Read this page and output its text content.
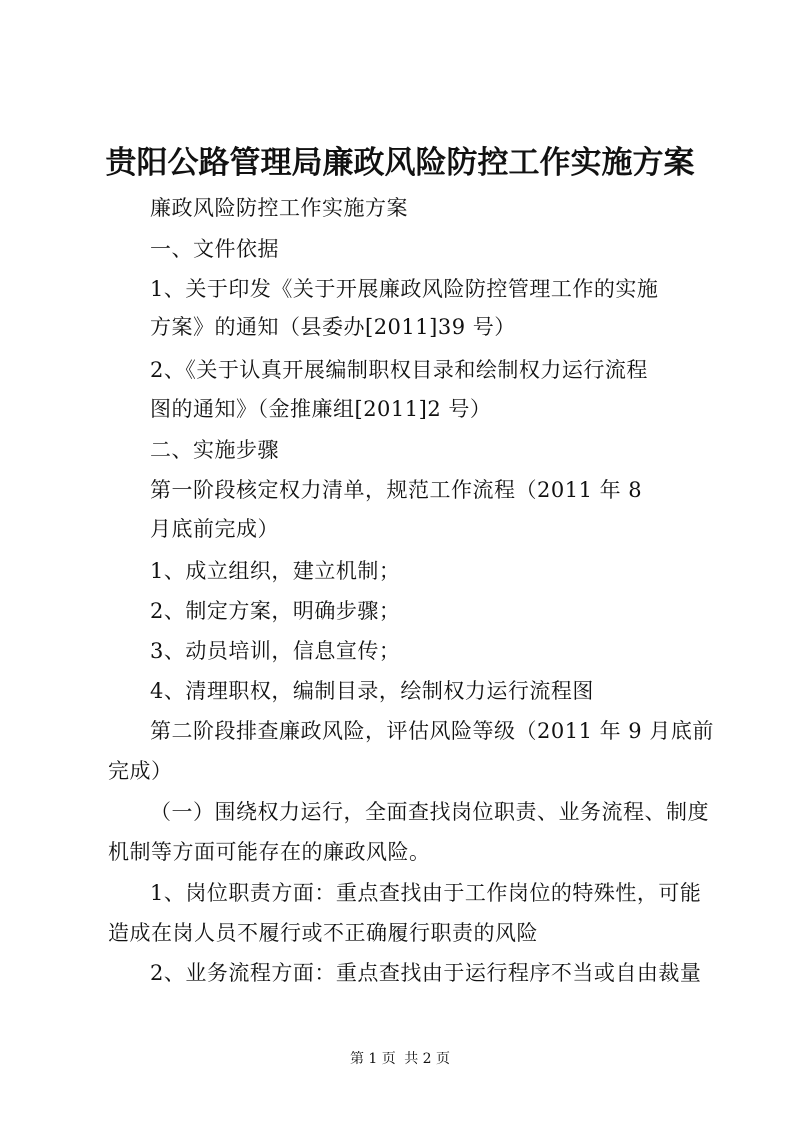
贵阳公路管理局廉政风险防控工作实施方案
廉政风险防控工作实施方案
一、文件依据
1、关于印发《关于开展廉政风险防控管理工作的实施
方案》的通知（县委办[2011]39 号）
2、《关于认真开展编制职权目录和绘制权力运行流程
图的通知》（金推廉组[2011]2 号）
二、实施步骤
第一阶段核定权力清单，规范工作流程（2011 年 8
月底前完成）
1、成立组织，建立机制；
2、制定方案，明确步骤；
3、动员培训，信息宣传；
4、清理职权，编制目录，绘制权力运行流程图
第二阶段排查廉政风险，评估风险等级（2011 年 9 月底前
完成）
（一）围绕权力运行，全面查找岗位职责、业务流程、制度
机制等方面可能存在的廉政风险。
1、岗位职责方面：重点查找由于工作岗位的特殊性，可能
造成在岗人员不履行或不正确履行职责的风险
2、业务流程方面：重点查找由于运行程序不当或自由裁量
第 1 页 共 2 页
